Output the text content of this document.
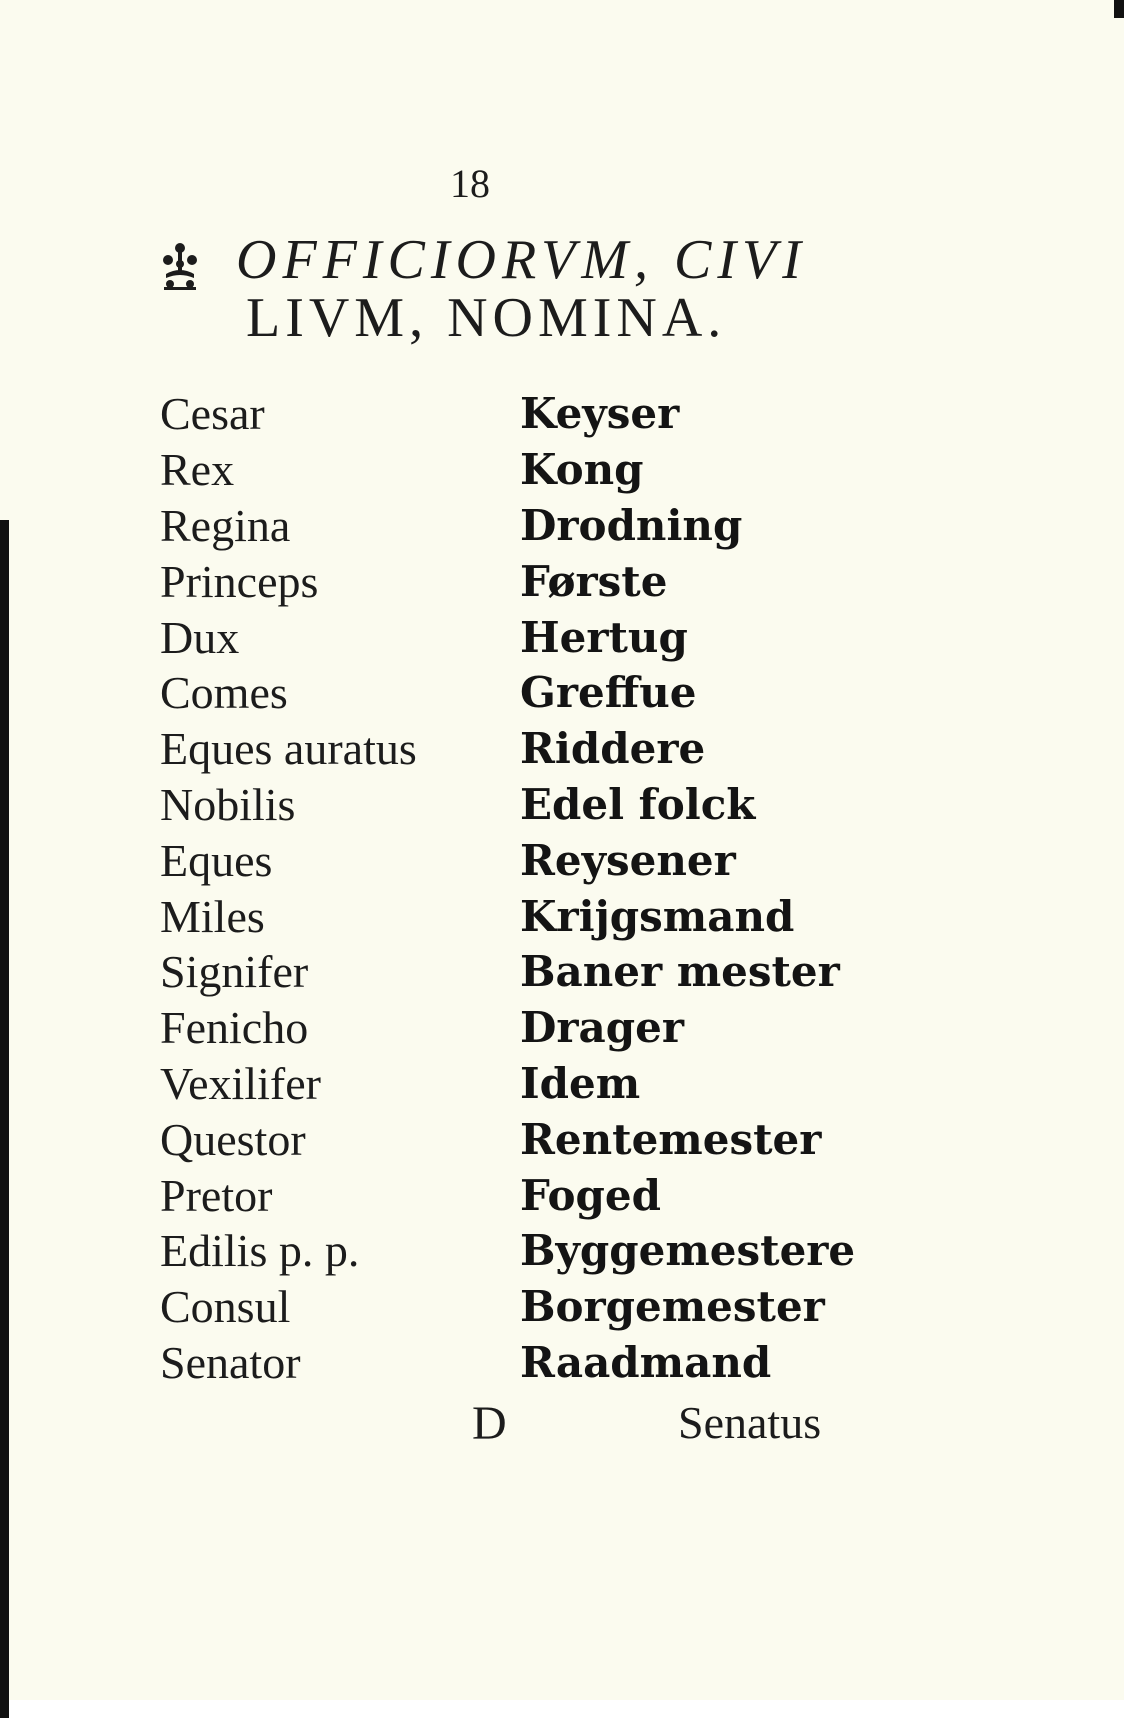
18
OFFICIORVM, CIVI
LIVM, NOMINA.
Cesar	Keyser
Rex	Kong
Regina	Drodning
Princeps	Første
Dux	Hertug
Comes	Greffue
Eques auratus	Riddere
Nobilis	Edel folck
Eques	Reysener
Miles	Krijgsmand
Signifer	Baner mester
Fenicho	Drager
Vexilifer	Idem
Questor	Rentemester
Pretor	Foged
Edilis p. p.	Byggemestere
Consul	Borgemester
Senator	Raadmand
D	Senatus
